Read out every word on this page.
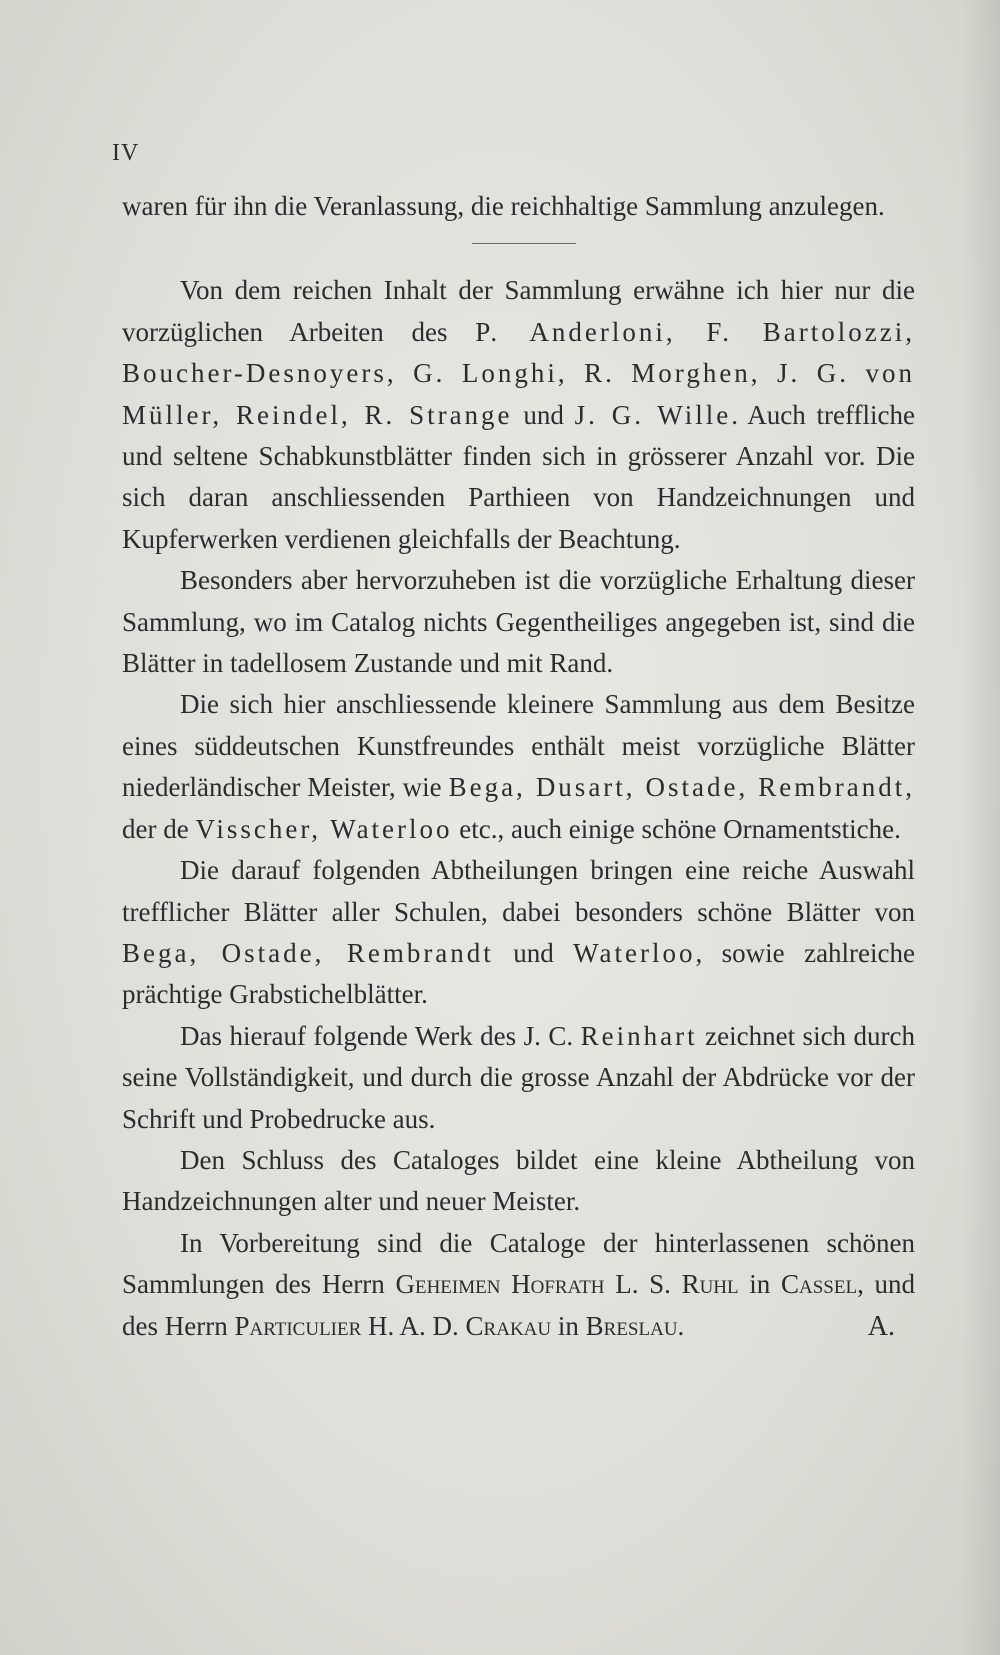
IV

waren für ihn die Veranlassung, die reichhaltige Sammlung anzulegen.

Von dem reichen Inhalt der Sammlung erwähne ich hier nur die vorzüglichen Arbeiten des P. Anderloni, F. Bartolozzi, Boucher-Desnoyers, G. Longhi, R. Morghen, J. G. von Müller, Reindel, R. Strange und J. G. Wille. Auch treffliche und seltene Schabkunstblätter finden sich in grösserer Anzahl vor. Die sich daran anschliessenden Parthieen von Handzeichnungen und Kupferwerken verdienen gleichfalls der Beachtung.

Besonders aber hervorzuheben ist die vorzügliche Erhaltung dieser Sammlung, wo im Catalog nichts Gegentheiliges angegeben ist, sind die Blätter in tadellosem Zustande und mit Rand.

Die sich hier anschliessende kleinere Sammlung aus dem Besitze eines süddeutschen Kunstfreundes enthält meist vorzügliche Blätter niederländischer Meister, wie Bega, Dusart, Ostade, Rembrandt, der de Visscher, Waterloo etc., auch einige schöne Ornamentstiche.

Die darauf folgenden Abtheilungen bringen eine reiche Auswahl trefflicher Blätter aller Schulen, dabei besonders schöne Blätter von Bega, Ostade, Rembrandt und Waterloo, sowie zahlreiche prächtige Grabstichelblätter.

Das hierauf folgende Werk des J. C. Reinhart zeichnet sich durch seine Vollständigkeit, und durch die grosse Anzahl der Abdrücke vor der Schrift und Probedrucke aus.

Den Schluss des Cataloges bildet eine kleine Abtheilung von Handzeichnungen alter und neuer Meister.

In Vorbereitung sind die Cataloge der hinterlassenen schönen Sammlungen des Herrn Geheimen Hofrath L. S. Ruhl in Cassel, und des Herrn Particulier H. A. D. Crakau in Breslau.	A.
